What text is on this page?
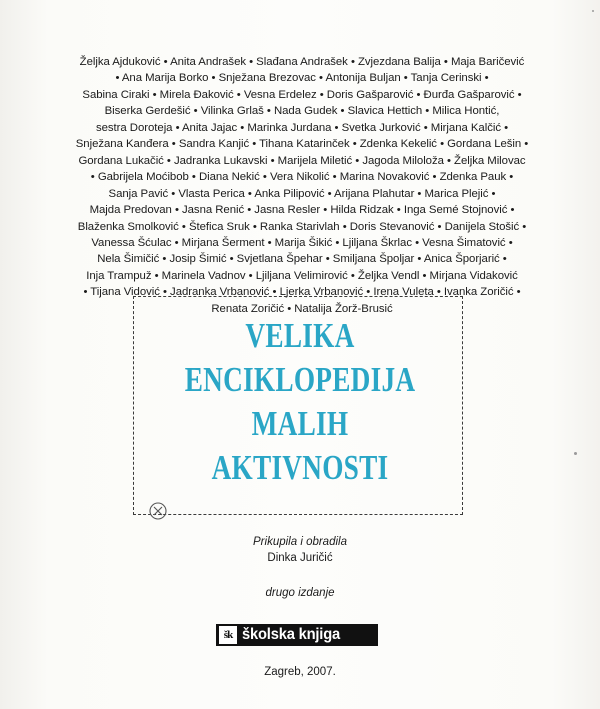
Željka Ajduković • Anita Andrašek • Slađana Andrašek • Zvjezdana Balija • Maja Baričević
• Ana Marija Borko • Snježana Brezovac • Antonija Buljan • Tanja Cerinski •
Sabina Ciraki • Mirela Đaković • Vesna Erdelez • Doris Gašparović • Đurđa Gašparović •
Biserka Gerdešić • Vilinka Grlaš • Nada Gudek • Slavica Hettich • Milica Hontić,
sestra Doroteja • Anita Jajac • Marinka Jurdana • Svetka Jurković • Mirjana Kalčić •
Snježana Kanđera • Sandra Kanjić • Tihana Katarinček • Zdenka Kekelić • Gordana Lešin •
Gordana Lukačić • Jadranka Lukavski • Marijela Miletić • Jagoda Miloloža • Željka Milovac
• Gabrijela Moćibob • Diana Nekić • Vera Nikolić • Marina Novaković • Zdenka Pauk •
Sanja Pavić • Vlasta Perica • Anka Pilipović • Arijana Plahutar • Marica Plejić •
Majda Predovan • Jasna Renić • Jasna Resler • Hilda Ridzak • Inga Semé Stojnović •
Blaženka Smolković • Štefica Sruk • Ranka Starivlah • Doris Stevanović • Danijela Stošić •
Vanessa Šćulac • Mirjana Šerment • Marija Šikić • Ljiljana Škrlac • Vesna Šimatović •
Nela Šimičić • Josip Šimić • Svjetlana Špehar • Smiljana Špoljar • Anica Šporjarić •
Inja Trampuž • Marinela Vadnov • Ljiljana Velimirović • Željka Vendl • Mirjana Vidaković
• Tijana Vidović • Jadranka Vrbanović • Ljerka Vrbanović • Irena Vuleta • Ivanka Zoričić •
Renata Zoričić • Natalija Žorž-Brusić
VELIKA
ENCIKLOPEDIJA
MALIH
AKTIVNOSTI
Prikupila i obradila
Dinka Juričić
drugo izdanje
šk školska knjiga
Zagreb, 2007.
